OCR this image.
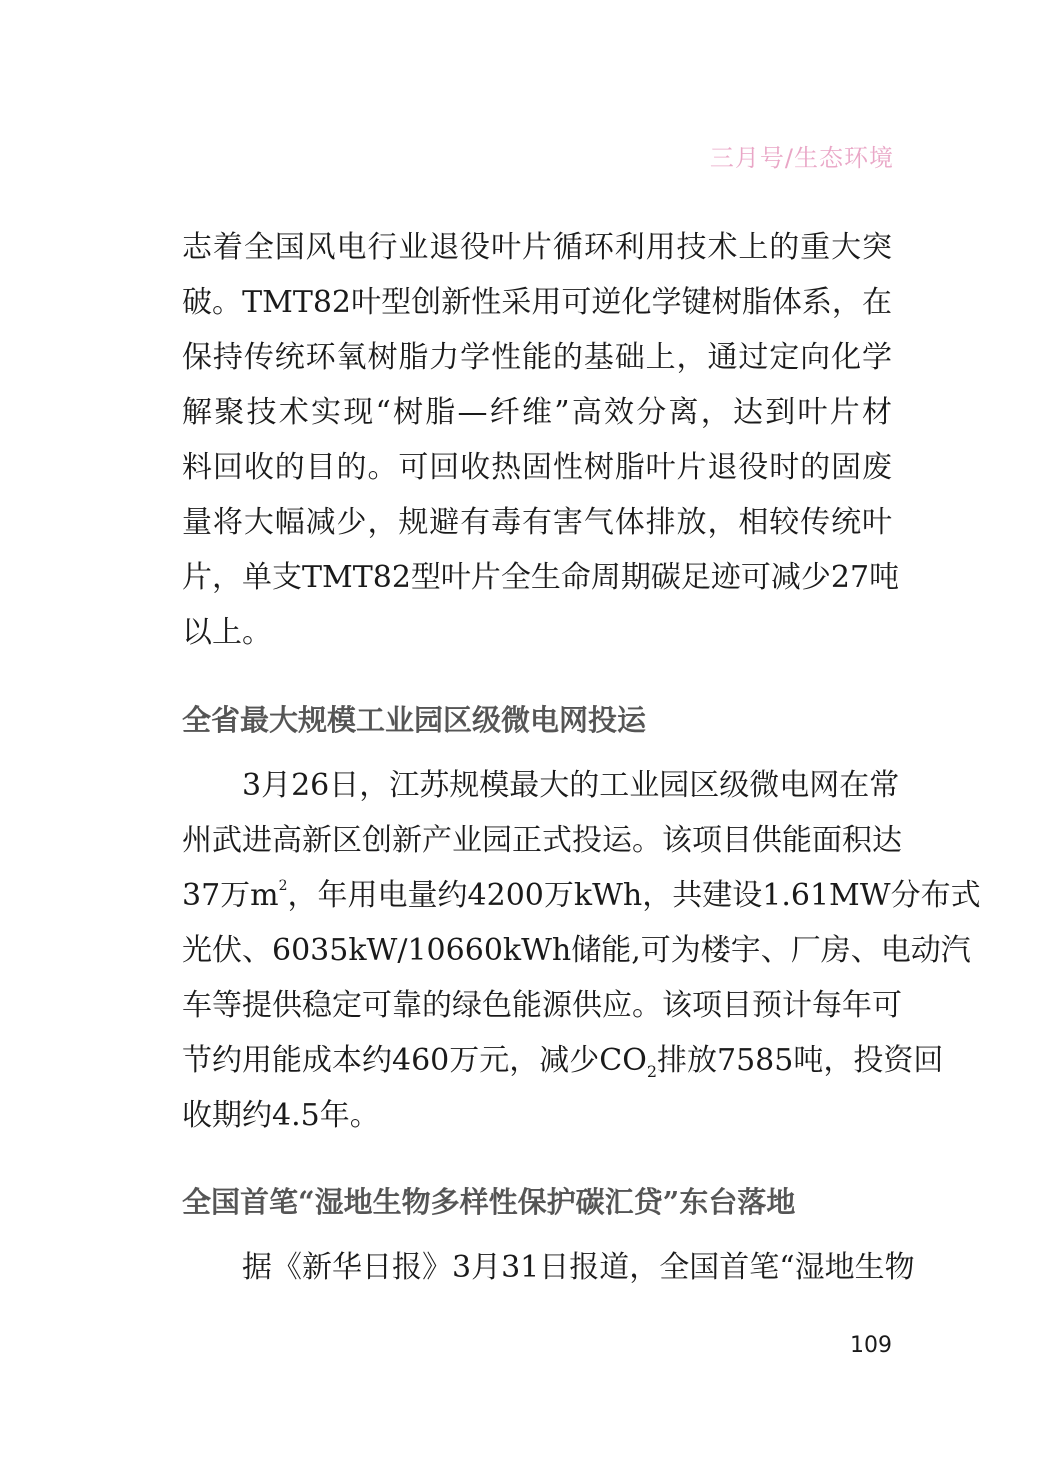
三月号/生态环境
志着全国风电行业退役叶片循环利用技术上的重大突
破。TMT82叶型创新性采用可逆化学键树脂体系，在
保持传统环氧树脂力学性能的基础上，通过定向化学
解聚技术实现“树脂—纤维”高效分离，达到叶片材
料回收的目的。可回收热固性树脂叶片退役时的固废
量将大幅减少，规避有毒有害气体排放，相较传统叶
片，单支TMT82型叶片全生命周期碳足迹可减少27吨
以上。
全省最大规模工业园区级微电网投运
3月26日，江苏规模最大的工业园区级微电网在常
州武进高新区创新产业园正式投运。该项目供能面积达
37万$m^2$，年用电量约4200万kWh，共建设1.61MW分布式
光伏、6035kW/10660kWh储能,可为楼宇、厂房、电动汽
车等提供稳定可靠的绿色能源供应。该项目预计每年可
节约用能成本约460万元，减少$CO_2$排放7585吨，投资回
收期约4.5年。
全国首笔“湿地生物多样性保护碳汇贷”东台落地
据《新华日报》3月31日报道，全国首笔“湿地生物
109
